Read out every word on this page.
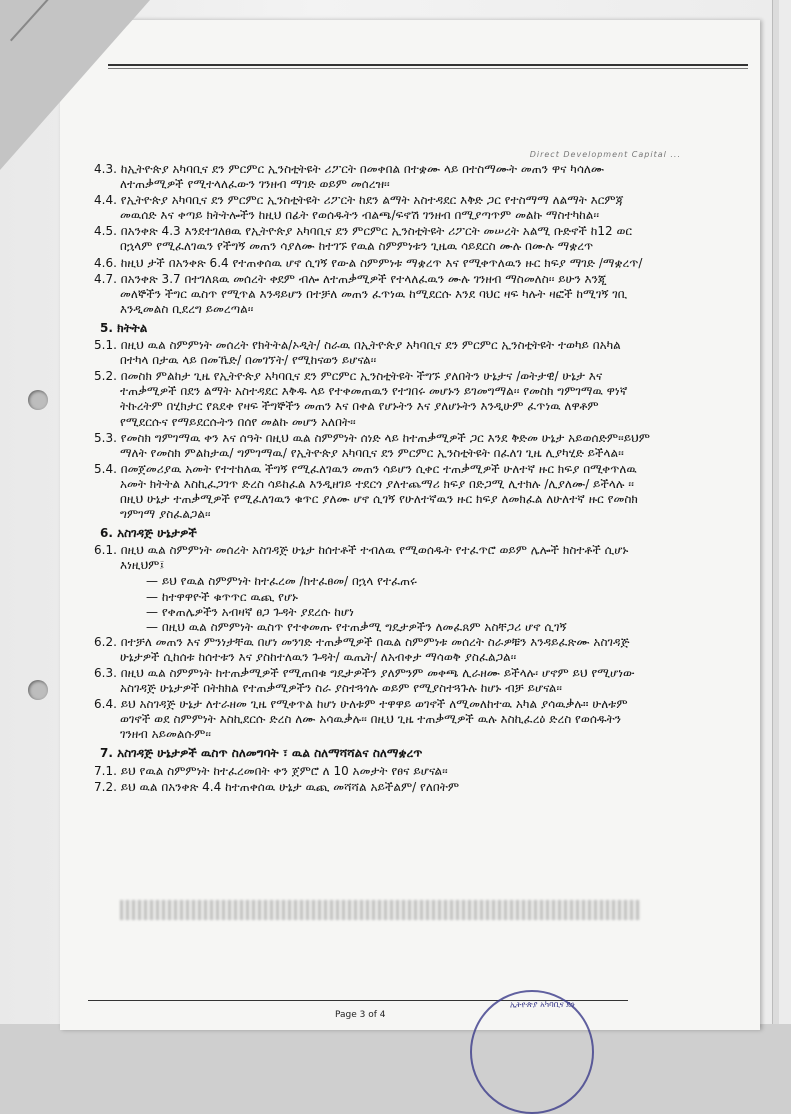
Direct Development Capital ...

4.3. ከኢትዮጵያ አካባቢና ደን ምርምር ኢንስቲትዩት ሪፖርት በመቀበል በተቋሙ ላይ በተስማሙት መጠን ዋና ካሳለሙ ለተጠቃሚዎች የሚተላለፈውን ገንዘብ ማገድ ወይም መሰረዝ፡፡

4.4. የኢትዮጵያ አካባቢና ደን ምርምር ኢንስቲትዩት ሪፖርት ከደን ልማት አስተዳደር እቅድ ጋር የተስማማ ለልማት እርምጃ መዉሰድ እና ቀጣይ ክትትሎችን ከዚህ በፊት የወሰዱትን ብልጫ/ፍኖሽ ገንዘብ በሚያጣጥም መልኩ ማስተካከል፡፡

4.5. በአንቀጽ 4.3 እንደተገለፀዉ የኢትዮጵያ አካባቢና ደን ምርምር ኢንስቲትዩት ሪፖርት መሠረት አልሚ ቡድኖች ከ12 ወር በኋላም የሚፈለገዉን የችግኝ መጠን ሳያለሙ ከተገኙ የዉል ስምምነቱን ጊዜዉ ሳይደርስ ሙሉ በሙሉ ማቋረጥ

4.6. ከዚህ ታች በአንቀጽ 6.4 የተጠቀሰዉ ሆኖ ሲገኝ የውል ስምምነቱ ማቋረጥ እና የሚቀጥለዉን ዙር ክፍያ ማገድ /ማቋረጥ/

4.7. በአንቀጽ 3.7 በተገለጸዉ መሰረት ቀደም ብሎ ለተጠቃሚዎች የተላለፈዉን ሙሉ ገንዘብ ማስመለስ፡፡ ይሁን እንጂ መለኞችን ችግር ዉስጥ የሚጥል እንዳይሆን በተቻለ መጠን ፈጥነዉ ከሚደርሱ እንደ ባህር ዛፍ ካሉት ዛፎች ከሚገኝ ገቢ እንዲመልስ ቢደረግ ይመረጣል፡፡

5. ክትትል

5.1. በዚህ ዉል ስምምነት መሰረት የክትትል/ኦዲት/ ስራዉ በኢትዮጵያ አካባቢና ደን ምርምር ኢንስቲትዩት ተወካይ በአካል በተካላ በታዉ ላይ በመኼድ/ በመገኘት/ የሚከናወን ይሆናል፡፡

5.2. በመስክ ምልከታ ጊዜ የኢትዮጵያ አካባቢና ደን ምርምር ኢንስቲትዩት ችግኙ ያለበትን ሁኔታና /ወትታዊ/ ሁኔታ እና ተጠቃሚዎች በደን ልማት አስተዳደር እቅዱ ላይ የተቀመጠዉን የተገበሩ መሆኑን ይገመግማል፡፡ የመስክ ግምገማዉ ዋነኛ ትኩረትም በሂክታር የጸደቀ የዛፍ ችግኞችን መጠን እና በቀል የሆኑትን እና ያለሆኑትን እንዲሁም ፈጥነዉ ለዋቶም የሚደርሱና የማይደርሱትን በሰየ መልኩ መሆን አለበት፡፡

5.3. የመስክ ግምገማዉ ቀን እና ሰዓት በዚህ ዉል ስምምነት ሰነድ ላይ ከተጠቃሚዎች ጋር እንደ ቅድመ ሁኔታ አይወሰድም፡፡ይህም ማለት የመስክ ምልከታዉ/ ግምገማዉ/ የኢትዮጵያ አካባቢና ደን ምርምር ኢንስቲትዩት በፈለገ ጊዜ ሊያካሂድ ይችላል፡፡

5.4. በመጀመሪያዉ አመት የተተከለዉ ችግኝ የሚፈለገዉን መጠን ሳይሆን ሲቀር ተጠቃሚዎች ሁለተኛ ዙር ክፍያ በሚቀጥለዉ አመት ክትትል እስኪፈጋገጥ ድረስ ሳይከፈል እንዲዘገይ ተደርጎ ያለተጨማሪ ክፍያ በድጋሚ ሊተክሉ /ሊያለሙ/ ይችላሉ ፡፡ በዚህ ሁኔታ ተጠቃሚዎች የሚፈለገዉን ቁጥር ያለሙ ሆኖ ሲገኝ የሁለተኛዉን ዙር ክፍያ ለመክፈል ለሁለተኛ ዙር የመስክ ግምገማ ያስፈልጋል፡፡

6. አስገዳጅ ሁኔታዎች

6.1. በዚህ ዉል ስምምነት መሰረት አስገዳጅ ሁኔታ ከሰተቶች ተብለዉ የሚወሰዱት የተፈጥሮ ወይም ሌሎች ክስተቶች ሲሆኑ እነዚህም፤

— ይህ የዉል ስምምነት ከተፈረመ /ከተፈፀመ/ በኋላ የተፈጠሩ

— ከተዋዋዮች ቁጥጥር ዉጪ የሆኑ

— የቀጠሌዎችን አብዛኛ ፀጋ ጉዳት ያደረሱ ከሆነ

— በዚህ ዉል ስምምነት ዉስጥ የተቀመጡ የተጠቃሚ ግዴታዎችን ለመፈጸም አስቸጋሪ ሆኖ ሲገኝ

6.2. በተቻለ መጠን እና ምንነታቸዉ በሆነ መንገድ ተጠቃሚዎች በዉል ስምምነቱ መሰረት ስራዎቹን እንዳይፈጽሙ አስገዳጅ ሁኔታዎች ሲከሰቱ ከሰተቱን እና ያስከተለዉን ጉዳት/ ዉጤት/ ለአብቀታ ማሳወቅ ያስፈልጋል፡፡

6.3. በዚህ ዉል ስምምነት ከተጠቃሚዎች የሚጠበቁ ግዴታዎችን ያለምንም መቀጫ ሊራዘሙ ይችላሉ፡ ሆኖም ይህ የሚሆነው አስገዳጅ ሁኔታዎች በትክክል የተጠቃሚዎችን ስራ ያስተጓጎሉ ወይም የሚያስተጓጉሉ ከሆኑ ብቻ ይሆናል፡፡

6.4. ይህ አስገዳጅ ሁኔታ ለተራዘመ ጊዜ የሚቀጥል ከሆነ ሁለቱም ተዋዋይ ወገኖች ለሚመለከተዉ አካል ያሳዉቃሉ። ሁለቱም ወገኖች ወደ ስምምነት እስኪደርሱ ድረስ ለሙ አሳዉቃሉ፡፡ በዚህ ጊዜ ተጠቃሚዎች ዉሉ እስኪፈረዕ ድረስ የወሰዱትን ገንዘብ አይመልሱም፡፡

7. አስገዳጅ ሁኔታዎች ዉስጥ ስለመግባት ፣ ዉል ስለማሻሻልና ስለማቋረጥ

7.1. ይህ የዉል ስምምነት ከተፈረመበት ቀን ጀምሮ ለ 10 አመታት የፀና ይሆናል፡፡

7.2. ይህ ዉል በአንቀጽ 4.4 ከተጠቀሰዉ ሁኔታ ዉጪ መሻሻል አይችልም/ የለበትም

Page 3 of 4
ኢትዮጵያ አካባቢና ደን
